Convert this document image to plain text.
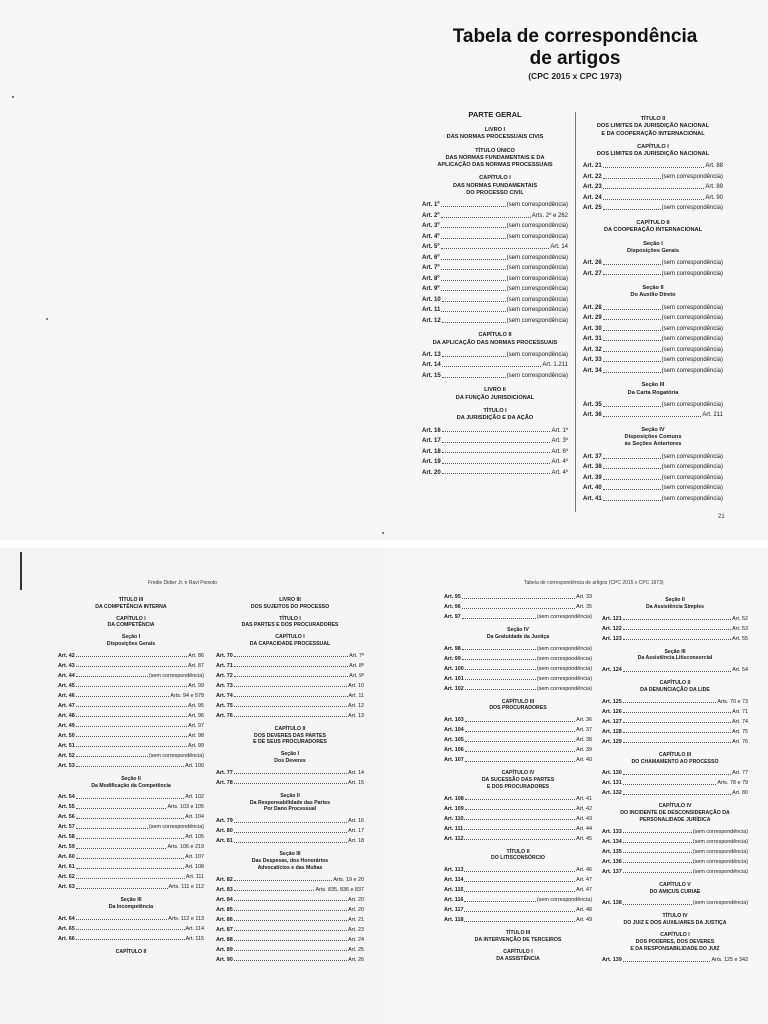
Tabela de correspondência
de artigos
(CPC 2015 x CPC 1973)
PARTE GERAL
LIVRO I
DAS NORMAS PROCESSUAIS CIVIS
TÍTULO ÚNICO
DAS NORMAS FUNDAMENTAIS E DA
APLICAÇÃO DAS NORMAS PROCESSUAIS
CAPÍTULO I
DAS NORMAS FUNDAMENTAIS
DO PROCESSO CIVIL
Art. 1º	(sem correspondência)
Art. 2º	Arts. 2º e 262
Art. 3º	(sem correspondência)
Art. 4º	(sem correspondência)
Art. 5º	Art. 14
Art. 6º	(sem correspondência)
Art. 7º	(sem correspondência)
Art. 8º	(sem correspondência)
Art. 9º	(sem correspondência)
Art. 10	(sem correspondência)
Art. 11	(sem correspondência)
Art. 12	(sem correspondência)
CAPÍTULO II
DA APLICAÇÃO DAS NORMAS PROCESSUAIS
Art. 13	(sem correspondência)
Art. 14	Art. 1.211
Art. 15	(sem correspondência)
LIVRO II
DA FUNÇÃO JURISDICIONAL
TÍTULO I
DA JURISDIÇÃO E DA AÇÃO
Art. 16	Art. 1º
Art. 17	Art. 3º
Art. 18	Art. 6º
Art. 19	Art. 4º
Art. 20	Art. 4º
TÍTULO II
DOS LIMITES DA JURISDIÇÃO NACIONAL
E DA COOPERAÇÃO INTERNACIONAL
CAPÍTULO I
DOS LIMITES DA JURISDIÇÃO NACIONAL
Art. 21	Art. 88
Art. 22	(sem correspondência)
Art. 23	Art. 89
Art. 24	Art. 90
Art. 25	(sem correspondência)
CAPÍTULO II
DA COOPERAÇÃO INTERNACIONAL
Seção I
Disposições Gerais
Art. 26	(sem correspondência)
Art. 27	(sem correspondência)
Seção II
Do Auxílio Direto
Art. 28	(sem correspondência)
Art. 29	(sem correspondência)
Art. 30	(sem correspondência)
Art. 31	(sem correspondência)
Art. 32	(sem correspondência)
Art. 33	(sem correspondência)
Art. 34	(sem correspondência)
Seção III
Da Carta Rogatória
Art. 35	(sem correspondência)
Art. 36	Art. 211
Seção IV
Disposições Comuns
às Seções Anteriores
Art. 37	(sem correspondência)
Art. 38	(sem correspondência)
Art. 39	(sem correspondência)
Art. 40	(sem correspondência)
Art. 41	(sem correspondência)
21
Fredie Didier Jr. e Ravi Peixoto
TÍTULO III
DA COMPETÊNCIA INTERNA
CAPÍTULO I
DA COMPETÊNCIA
Seção I
Disposições Gerais
Art. 42	Art. 86
Art. 43	Art. 87
Art. 44	(sem correspondência)
Art. 45	Art. 99
Art. 46	Arts. 94 e 578
Art. 47	Art. 95
Art. 48	Art. 96
Art. 49	Art. 97
Art. 50	Art. 98
Art. 51	Art. 99
Art. 52	(sem correspondência)
Art. 53	Art. 100
Seção II
Da Modificação da Competência
Art. 54	Art. 102
Art. 55	Arts. 103 e 105
Art. 56	Art. 104
Art. 57	(sem correspondência)
Art. 58	Art. 105
Art. 59	Arts. 106 e 219
Art. 60	Art. 107
Art. 61	Art. 108
Art. 62	Art. 111
Art. 63	Arts. 111 e 112
Seção III
Da Incompetência
Art. 64	Arts. 112 e 113
Art. 65	Art. 114
Art. 66	Art. 115
CAPÍTULO II
LIVRO III
DOS SUJEITOS DO PROCESSO
TÍTULO I
DAS PARTES E DOS PROCURADORES
CAPÍTULO I
DA CAPACIDADE PROCESSUAL
Art. 70	Art. 7º
Art. 71	Art. 8º
Art. 72	Art. 9º
Art. 73	Art. 10
Art. 74	Art. 11
Art. 75	Art. 12
Art. 76	Art. 13
CAPÍTULO II
DOS DEVERES DAS PARTES
E DE SEUS PROCURADORES
Seção I
Dos Deveres
Art. 77	Art. 14
Art. 78	Art. 15
Seção II
Da Responsabilidade das Partes
Por Dano Processual
Art. 79	Art. 16
Art. 80	Art. 17
Art. 81	Art. 18
Seção III
Das Despesas, dos Honorários
Advocatícios e das Multas
Art. 82	Arts. 19 e 20
Art. 83	Arts. 835, 836 e 837
Art. 84	Art. 20
Art. 85	Art. 20
Art. 86	Art. 21
Art. 87	Art. 23
Art. 88	Art. 24
Art. 89	Art. 25
Art. 90	Art. 26
Tabela de correspondência de artigos (CPC 2015 x CPC 1973)
Art. 95	Art. 33
Art. 96	Art. 35
Art. 97	(sem correspondência)
Seção IV
Da Gratuidade da Justiça
Art. 98	(sem correspondência)
Art. 99	(sem correspondência)
Art. 100	(sem correspondência)
Art. 101	(sem correspondência)
Art. 102	(sem correspondência)
CAPÍTULO III
DOS PROCURADORES
Art. 103	Art. 36
Art. 104	Art. 37
Art. 105	Art. 38
Art. 106	Art. 39
Art. 107	Art. 40
CAPÍTULO IV
DA SUCESSÃO DAS PARTES
E DOS PROCURADORES
Art. 108	Art. 41
Art. 109	Art. 42
Art. 110	Art. 43
Art. 111	Art. 44
Art. 112	Art. 45
TÍTULO II
DO LITISCONSÓRCIO
Art. 113	Art. 46
Art. 114	Art. 47
Art. 115	Art. 47
Art. 116	(sem correspondência)
Art. 117	Art. 48
Art. 118	Art. 49
TÍTULO III
DA INTERVENÇÃO DE TERCEIROS
CAPÍTULO I
DA ASSISTÊNCIA
Seção II
Da Assistência Simples
Art. 121	Art. 52
Art. 122	Art. 53
Art. 123	Art. 55
Seção III
Da Assistência Litisconsorcial
Art. 124	Art. 54
CAPÍTULO II
DA DENUNCIAÇÃO DA LIDE
Art. 125	Arts. 70 e 73
Art. 126	Art. 71
Art. 127	Art. 74
Art. 128	Art. 75
Art. 129	Art. 76
CAPÍTULO III
DO CHAMAMENTO AO PROCESSO
Art. 130	Art. 77
Art. 131	Arts. 78 e 79
Art. 132	Art. 80
CAPÍTULO IV
DO INCIDENTE DE DESCONSIDERAÇÃO DA
PERSONALIDADE JURÍDICA
Art. 133	(sem correspondência)
Art. 134	(sem correspondência)
Art. 135	(sem correspondência)
Art. 136	(sem correspondência)
Art. 137	(sem correspondência)
CAPÍTULO V
DO AMICUS CURIAE
Art. 138	(sem correspondência)
TÍTULO IV
DO JUIZ E DOS AUXILIARES DA JUSTIÇA
CAPÍTULO I
DOS PODERES, DOS DEVERES
E DA RESPONSABILIDADE DO JUIZ
Art. 139	Arts. 125 e 342
